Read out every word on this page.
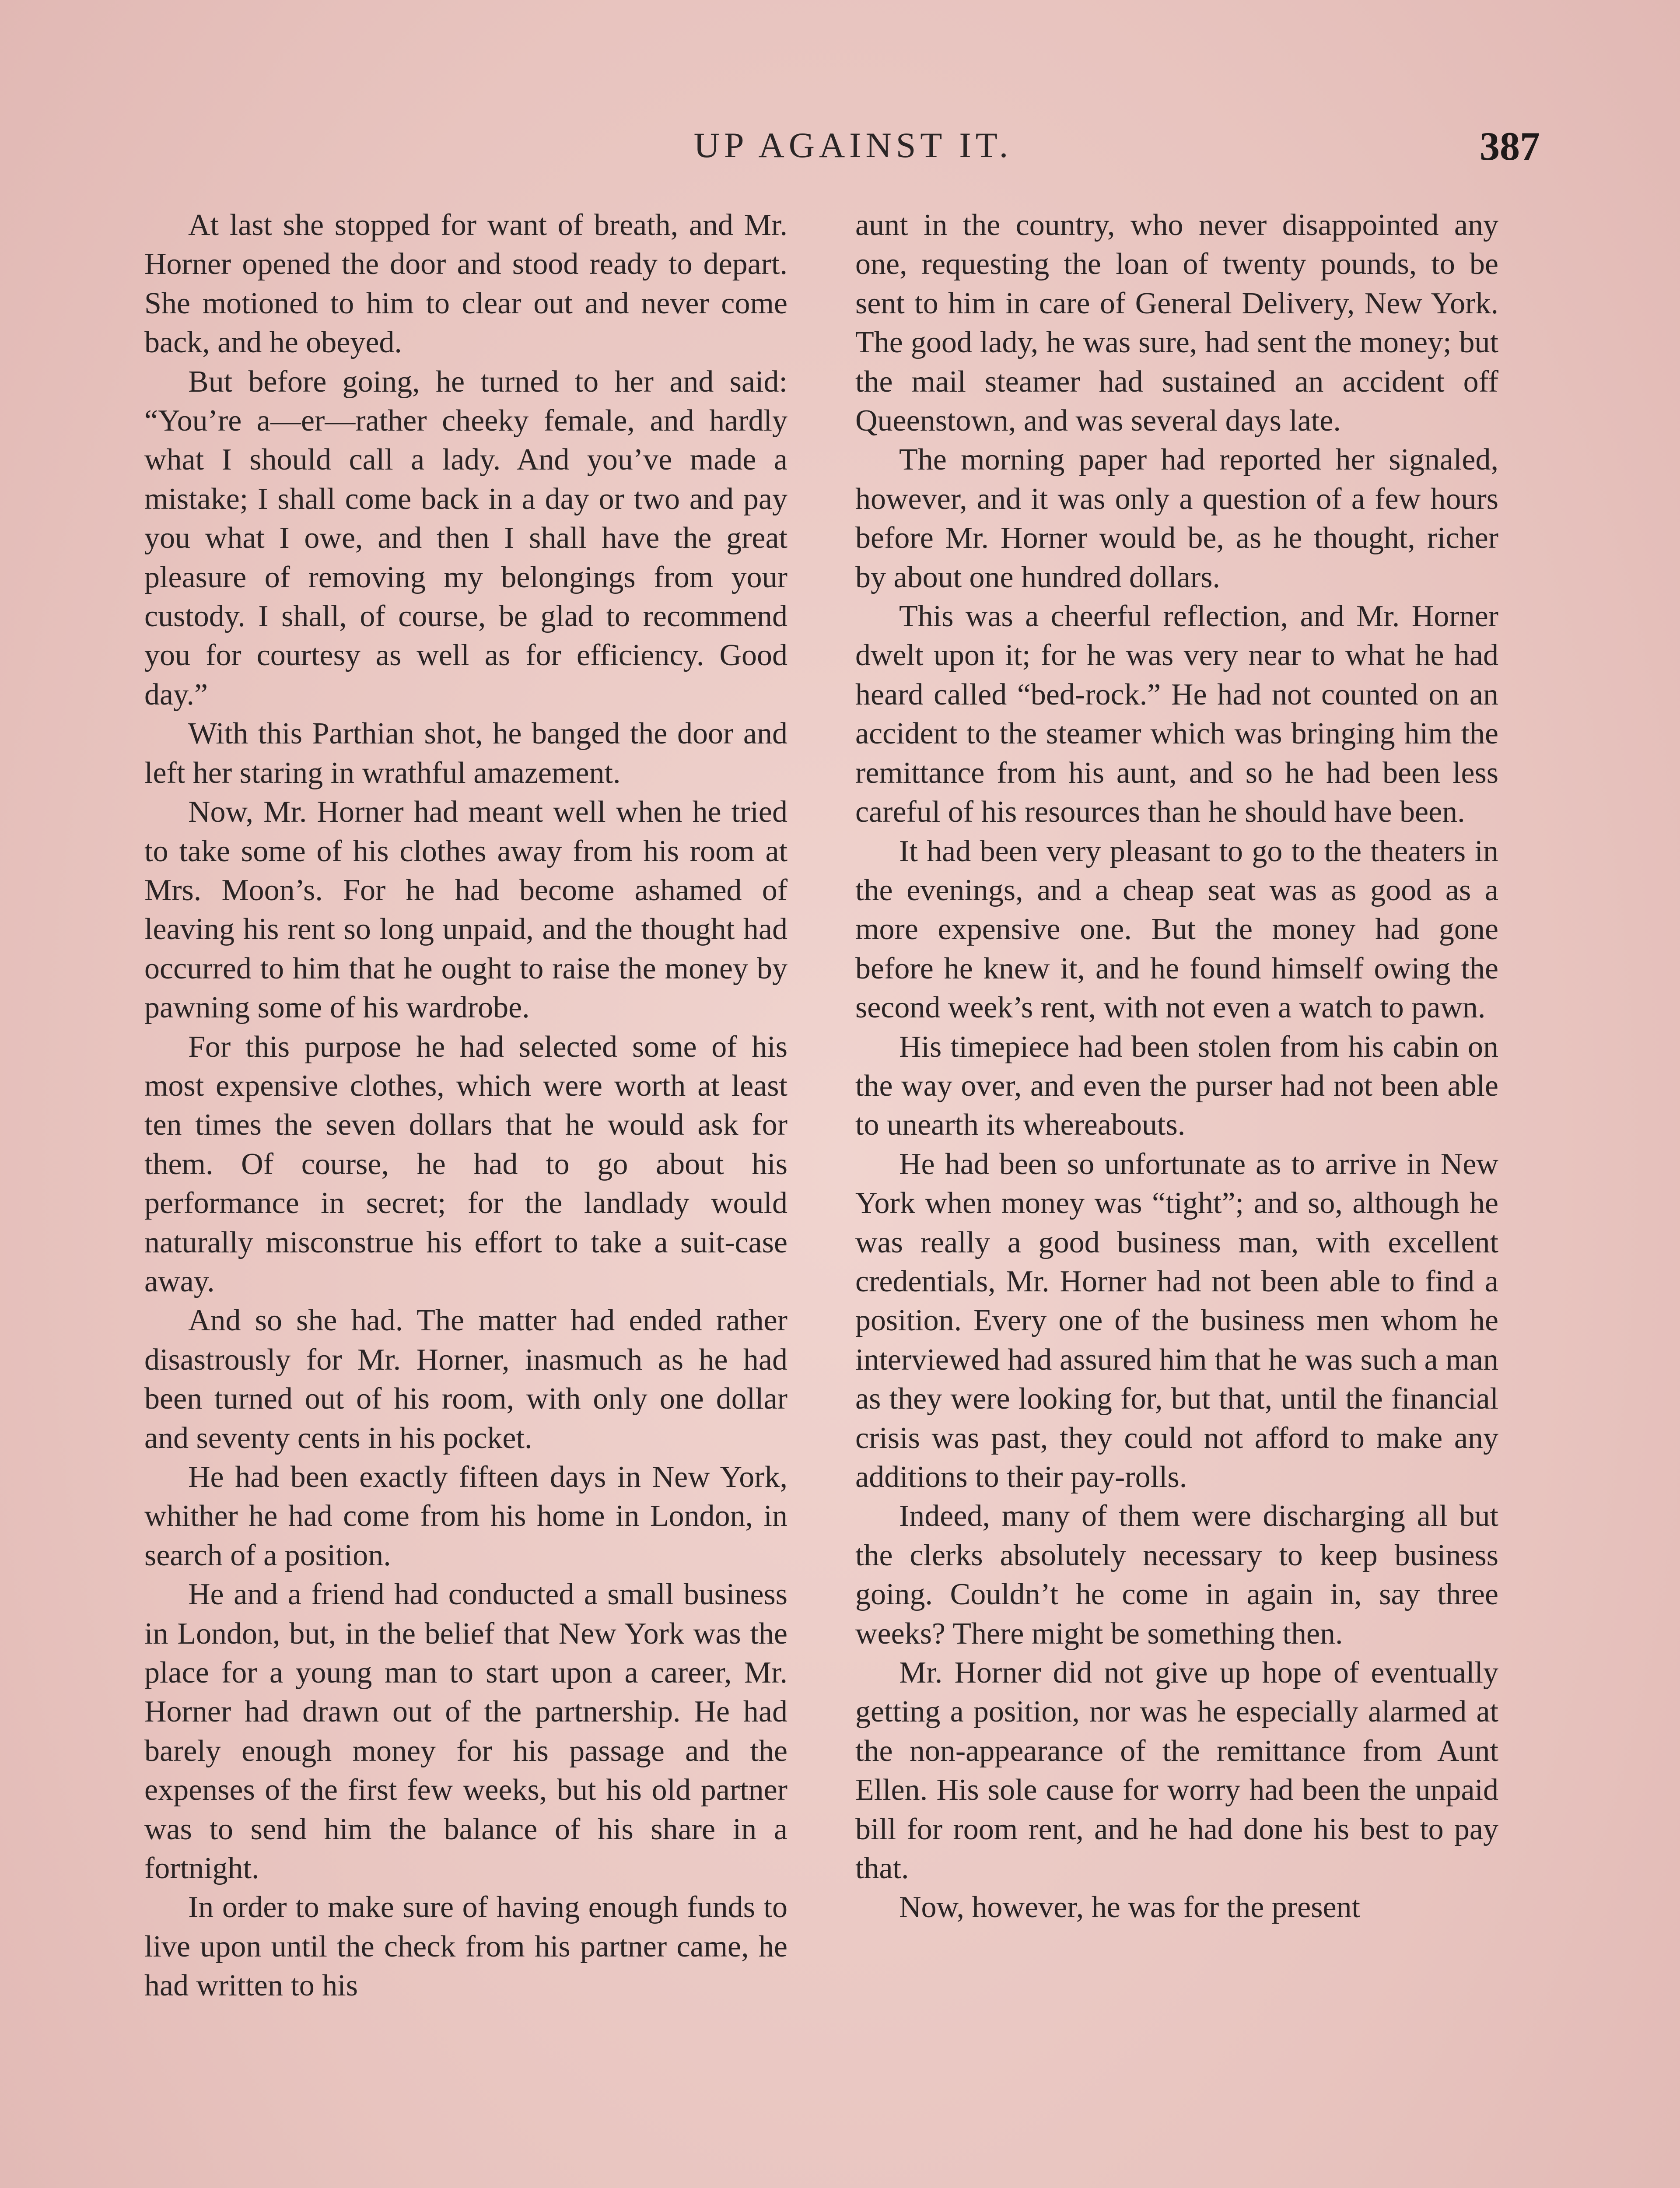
UP AGAINST IT.	387

At last she stopped for want of breath, and Mr. Horner opened the door and stood ready to depart. She motioned to him to clear out and never come back, and he obeyed.

But before going, he turned to her and said: “You’re a—er—rather cheeky female, and hardly what I should call a lady. And you’ve made a mistake; I shall come back in a day or two and pay you what I owe, and then I shall have the great pleasure of removing my belongings from your custody. I shall, of course, be glad to recommend you for courtesy as well as for efficiency. Good day.”

With this Parthian shot, he banged the door and left her staring in wrathful amazement.

Now, Mr. Horner had meant well when he tried to take some of his clothes away from his room at Mrs. Moon’s. For he had become ashamed of leaving his rent so long unpaid, and the thought had occurred to him that he ought to raise the money by pawning some of his wardrobe.

For this purpose he had selected some of his most expensive clothes, which were worth at least ten times the seven dollars that he would ask for them. Of course, he had to go about his performance in secret; for the landlady would naturally misconstrue his effort to take a suit-case away.

And so she had. The matter had ended rather disastrously for Mr. Horner, inasmuch as he had been turned out of his room, with only one dollar and seventy cents in his pocket.

He had been exactly fifteen days in New York, whither he had come from his home in London, in search of a position.

He and a friend had conducted a small business in London, but, in the belief that New York was the place for a young man to start upon a career, Mr. Horner had drawn out of the partnership. He had barely enough money for his passage and the expenses of the first few weeks, but his old partner was to send him the balance of his share in a fortnight.

In order to make sure of having enough funds to live upon until the check from his partner came, he had written to his

aunt in the country, who never disappointed any one, requesting the loan of twenty pounds, to be sent to him in care of General Delivery, New York. The good lady, he was sure, had sent the money; but the mail steamer had sustained an accident off Queenstown, and was several days late.

The morning paper had reported her signaled, however, and it was only a question of a few hours before Mr. Horner would be, as he thought, richer by about one hundred dollars.

This was a cheerful reflection, and Mr. Horner dwelt upon it; for he was very near to what he had heard called “bed-rock.” He had not counted on an accident to the steamer which was bringing him the remittance from his aunt, and so he had been less careful of his resources than he should have been.

It had been very pleasant to go to the theaters in the evenings, and a cheap seat was as good as a more expensive one. But the money had gone before he knew it, and he found himself owing the second week’s rent, with not even a watch to pawn.

His timepiece had been stolen from his cabin on the way over, and even the purser had not been able to unearth its whereabouts.

He had been so unfortunate as to arrive in New York when money was “tight”; and so, although he was really a good business man, with excellent credentials, Mr. Horner had not been able to find a position. Every one of the business men whom he interviewed had assured him that he was such a man as they were looking for, but that, until the financial crisis was past, they could not afford to make any additions to their pay-rolls.

Indeed, many of them were discharging all but the clerks absolutely necessary to keep business going. Couldn’t he come in again in, say three weeks? There might be something then.

Mr. Horner did not give up hope of eventually getting a position, nor was he especially alarmed at the non-appearance of the remittance from Aunt Ellen. His sole cause for worry had been the unpaid bill for room rent, and he had done his best to pay that.

Now, however, he was for the present
